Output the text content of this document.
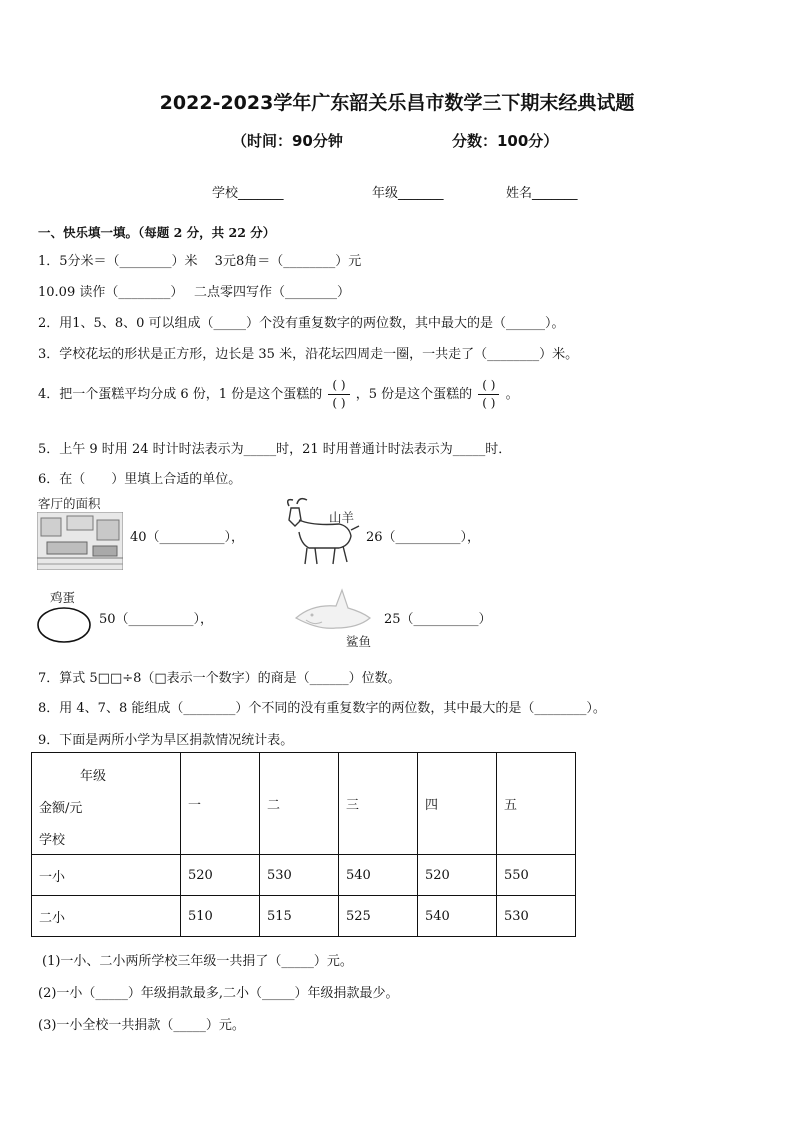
2022-2023学年广东韶关乐昌市数学三下期末经典试题
（时间：90分钟	分数：100分）
学校_______	年级_______	姓名_______
一、快乐填一填。（每题 2 分，共 22 分）
1．5分米＝（________）米　 3元8角＝（________）元
10.09 读作（________）　 二点零四写作（________）
2．用1、5、8、0 可以组成（_____）个没有重复数字的两位数，其中最大的是（______）。
3．学校花坛的形状是正方形，边长是 35 米，沿花坛四周走一圈，一共走了（________）米。
4．把一个蛋糕平均分成 6 份，1 份是这个蛋糕的 $\frac{( )}{( )}$ ，5 份是这个蛋糕的 $\frac{( )}{( )}$ 。
5．上午 9 时用 24 时计时法表示为_____时，21 时用普通计时法表示为_____时．
6．在（　　）里填上合适的单位。
客厅的面积
40（__________），
山羊
26（__________），
鸡蛋
50（__________），
鲨鱼
25（__________）
7．算式 5□□÷8（□表示一个数字）的商是（______）位数。
8．用 4、7、8 能组成（________）个不同的没有重复数字的两位数，其中最大的是（________）。
9．下面是两所小学为旱区捐款情况统计表。
年级
金额/元
学校	一	二	三	四	五
一小	520	530	540	520	550
二小	510	515	525	540	530
(1)一小、二小两所学校三年级一共捐了（_____）元。
(2)一小（_____）年级捐款最多,二小（_____）年级捐款最少。
(3)一小全校一共捐款（_____）元。
